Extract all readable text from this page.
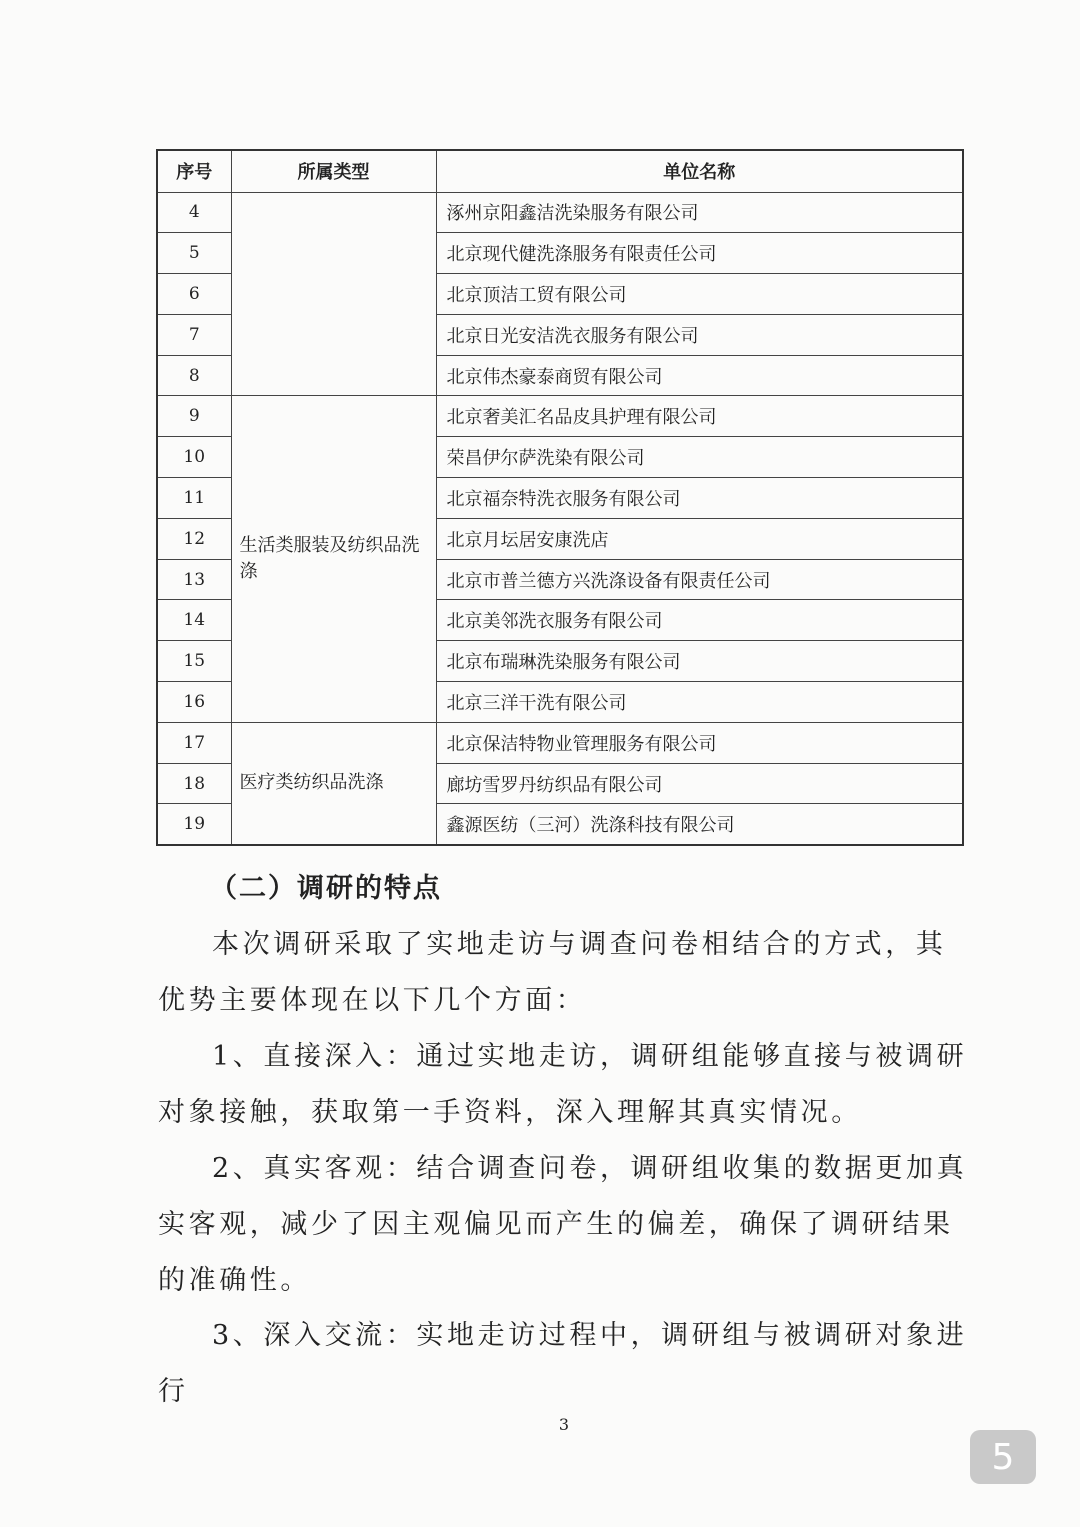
序号	所属类型	单位名称
4		涿州京阳鑫洁洗染服务有限公司
5		北京现代健洗涤服务有限责任公司
6		北京顶洁工贸有限公司
7		北京日光安洁洗衣服务有限公司
8		北京伟杰豪泰商贸有限公司
9	生活类服装及纺织品洗涤	北京奢美汇名品皮具护理有限公司
10		荣昌伊尔萨洗染有限公司
11		北京福奈特洗衣服务有限公司
12		北京月坛居安康洗店
13		北京市普兰德方兴洗涤设备有限责任公司
14		北京美邻洗衣服务有限公司
15		北京布瑞琳洗染服务有限公司
16		北京三洋干洗有限公司
17	医疗类纺织品洗涤	北京保洁特物业管理服务有限公司
18		廊坊雪罗丹纺织品有限公司
19		鑫源医纺（三河）洗涤科技有限公司
（二）调研的特点

本次调研采取了实地走访与调查问卷相结合的方式，其优势主要体现在以下几个方面：

1、直接深入：通过实地走访，调研组能够直接与被调研对象接触，获取第一手资料，深入理解其真实情况。

2、真实客观：结合调查问卷，调研组收集的数据更加真实客观，减少了因主观偏见而产生的偏差，确保了调研结果的准确性。

3、深入交流：实地走访过程中，调研组与被调研对象进行

3
5
